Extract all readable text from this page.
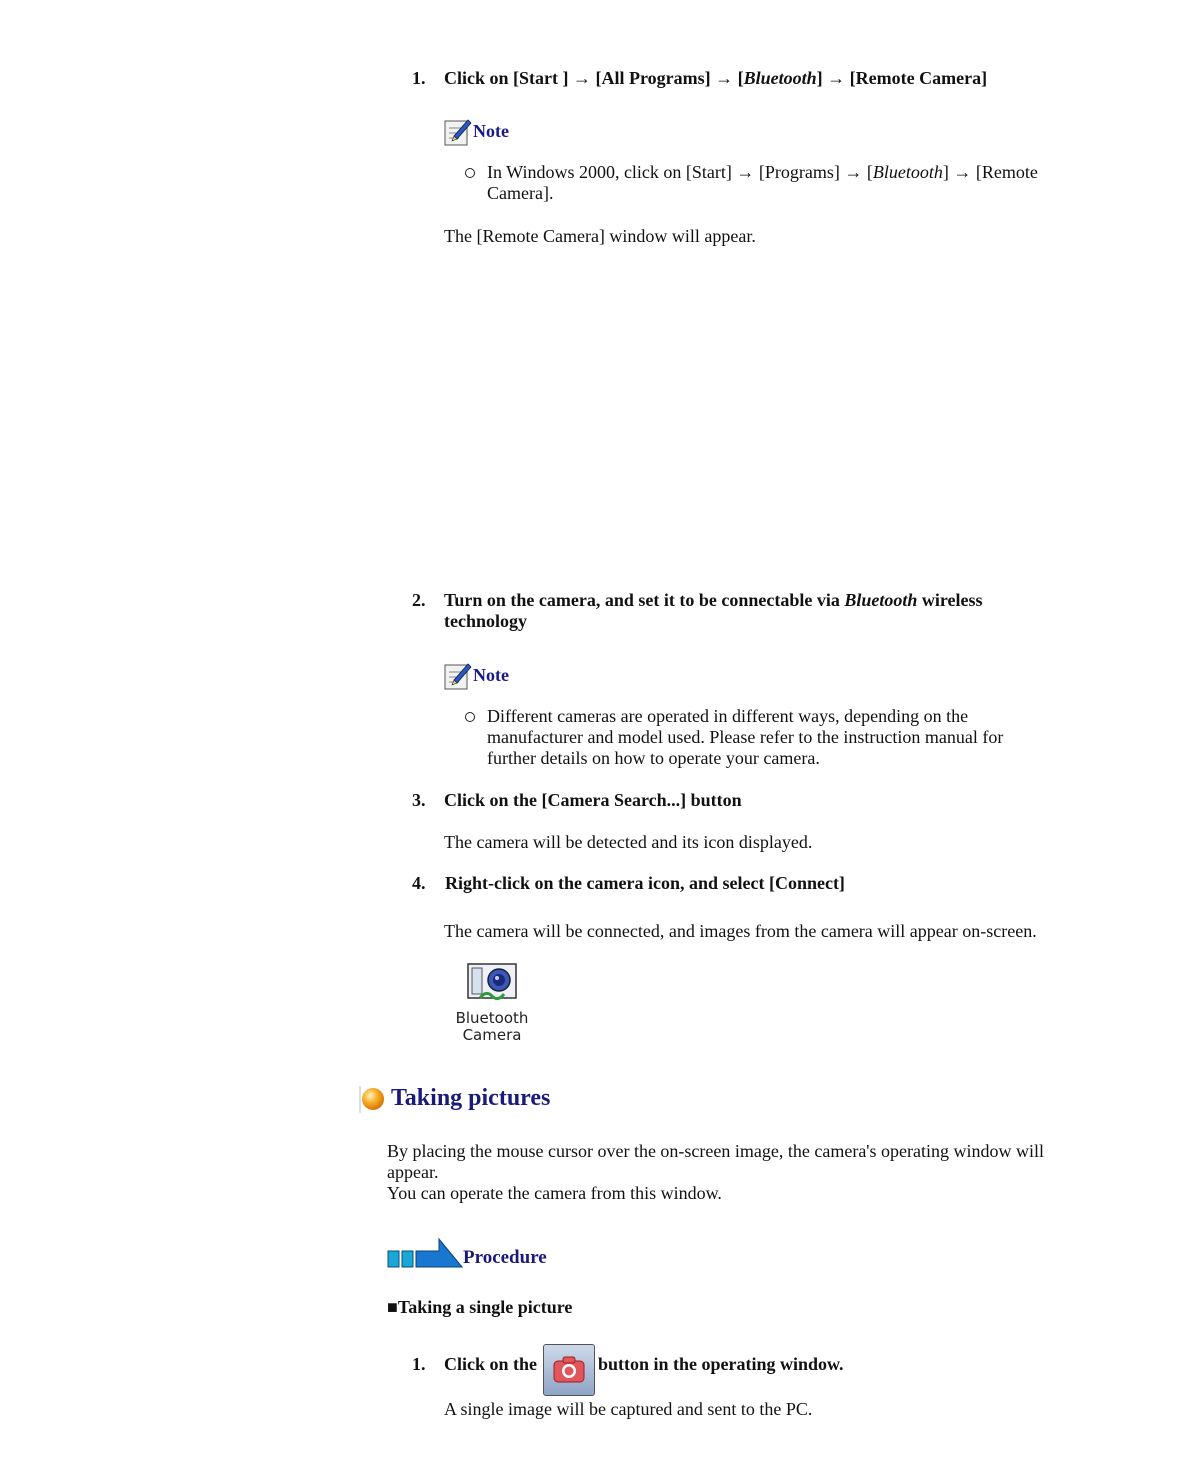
1. Click on [Start ] → [All Programs] → [Bluetooth] → [Remote Camera]
Note
In Windows 2000, click on [Start] → [Programs] → [Bluetooth] → [Remote
Camera].
The [Remote Camera] window will appear.
2. Turn on the camera, and set it to be connectable via Bluetooth wireless
technology
Note
Different cameras are operated in different ways, depending on the
manufacturer and model used. Please refer to the instruction manual for
further details on how to operate your camera.
3. Click on the [Camera Search...] button
The camera will be detected and its icon displayed.
4. Right-click on the camera icon, and select [Connect]
The camera will be connected, and images from the camera will appear on-screen.
Bluetooth
Camera
Taking pictures
By placing the mouse cursor over the on-screen image, the camera's operating window will
appear.
You can operate the camera from this window.
Procedure
■Taking a single picture
1. Click on the	button in the operating window.
A single image will be captured and sent to the PC.
